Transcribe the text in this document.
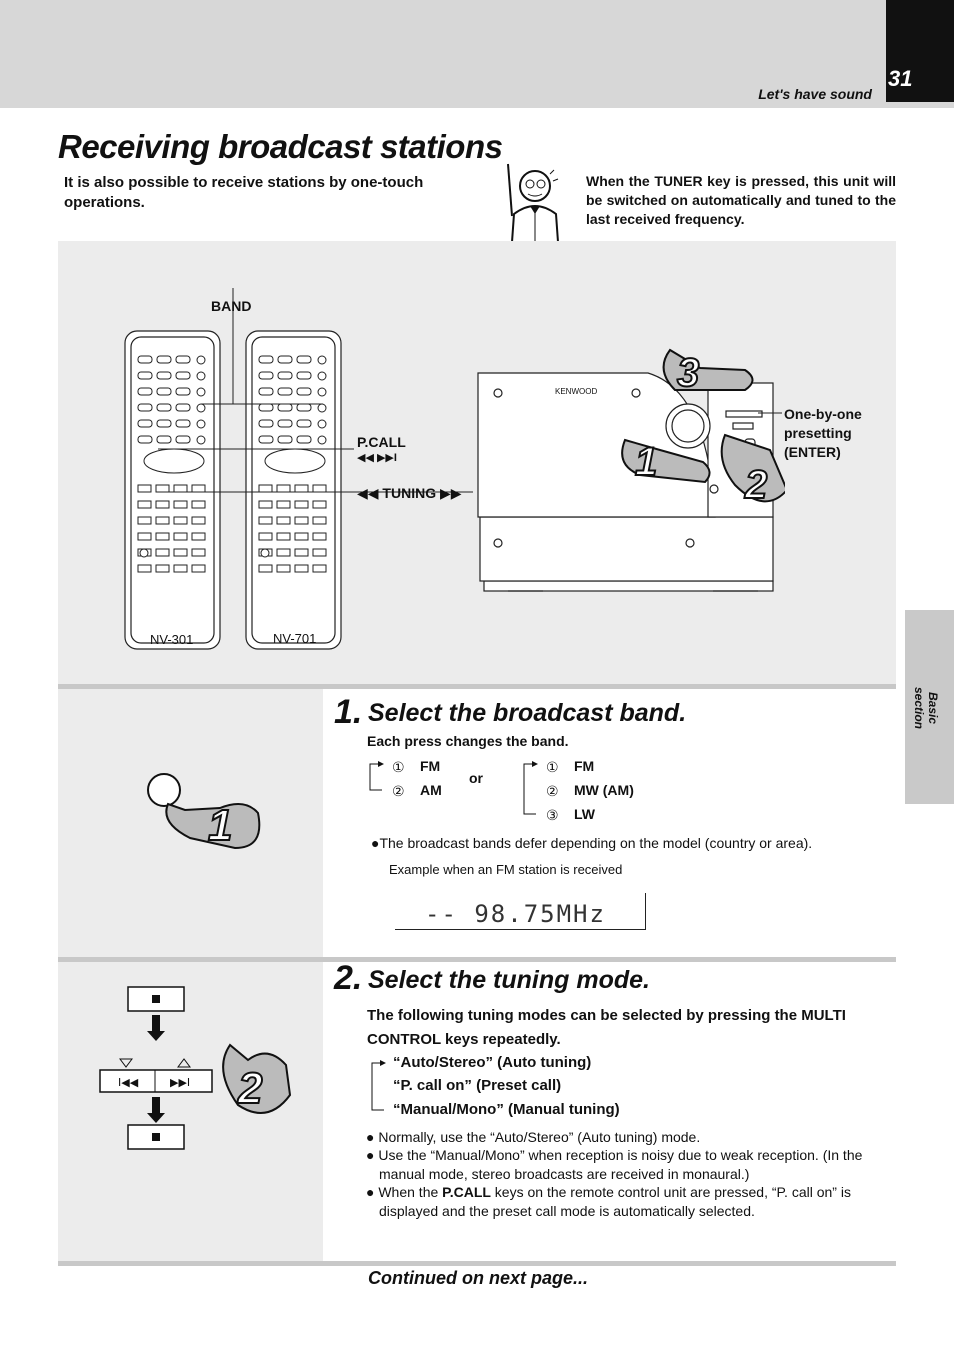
31
Let's have sound
Receiving broadcast stations
It is also possible to receive stations by one-touch operations.
When the TUNER key is pressed, this unit will be switched on automatically and tuned to the last received frequency.
Basic section
KENWOOD
BAND
P.CALL
◀◀ ▶▶I
◀◀ TUNING ▶▶
One-by-one presetting (ENTER)
NV-301	NV-701
3
1
2
1
1. Select the broadcast band.
Each press changes the band.
① FM
② AM
or
① FM
② MW (AM)
③ LW
●The broadcast bands defer depending on the model (country or area).
Example when an FM station is received
-- 98.75MHz
I◀◀	▶▶I 2
2. Select the tuning mode.
The following tuning modes can be selected by pressing the MULTI CONTROL keys repeatedly.
“Auto/Stereo” (Auto tuning)
“P. call on” (Preset call)
“Manual/Mono” (Manual tuning)
● Normally, use the “Auto/Stereo” (Auto tuning) mode.
● Use the “Manual/Mono” when reception is noisy due to weak reception. (In the manual mode, stereo broadcasts are received in monaural.)
● When the P.CALL keys on the remote control unit are pressed, “P. call on” is displayed and the preset call mode is automatically selected.
Continued on next page...
